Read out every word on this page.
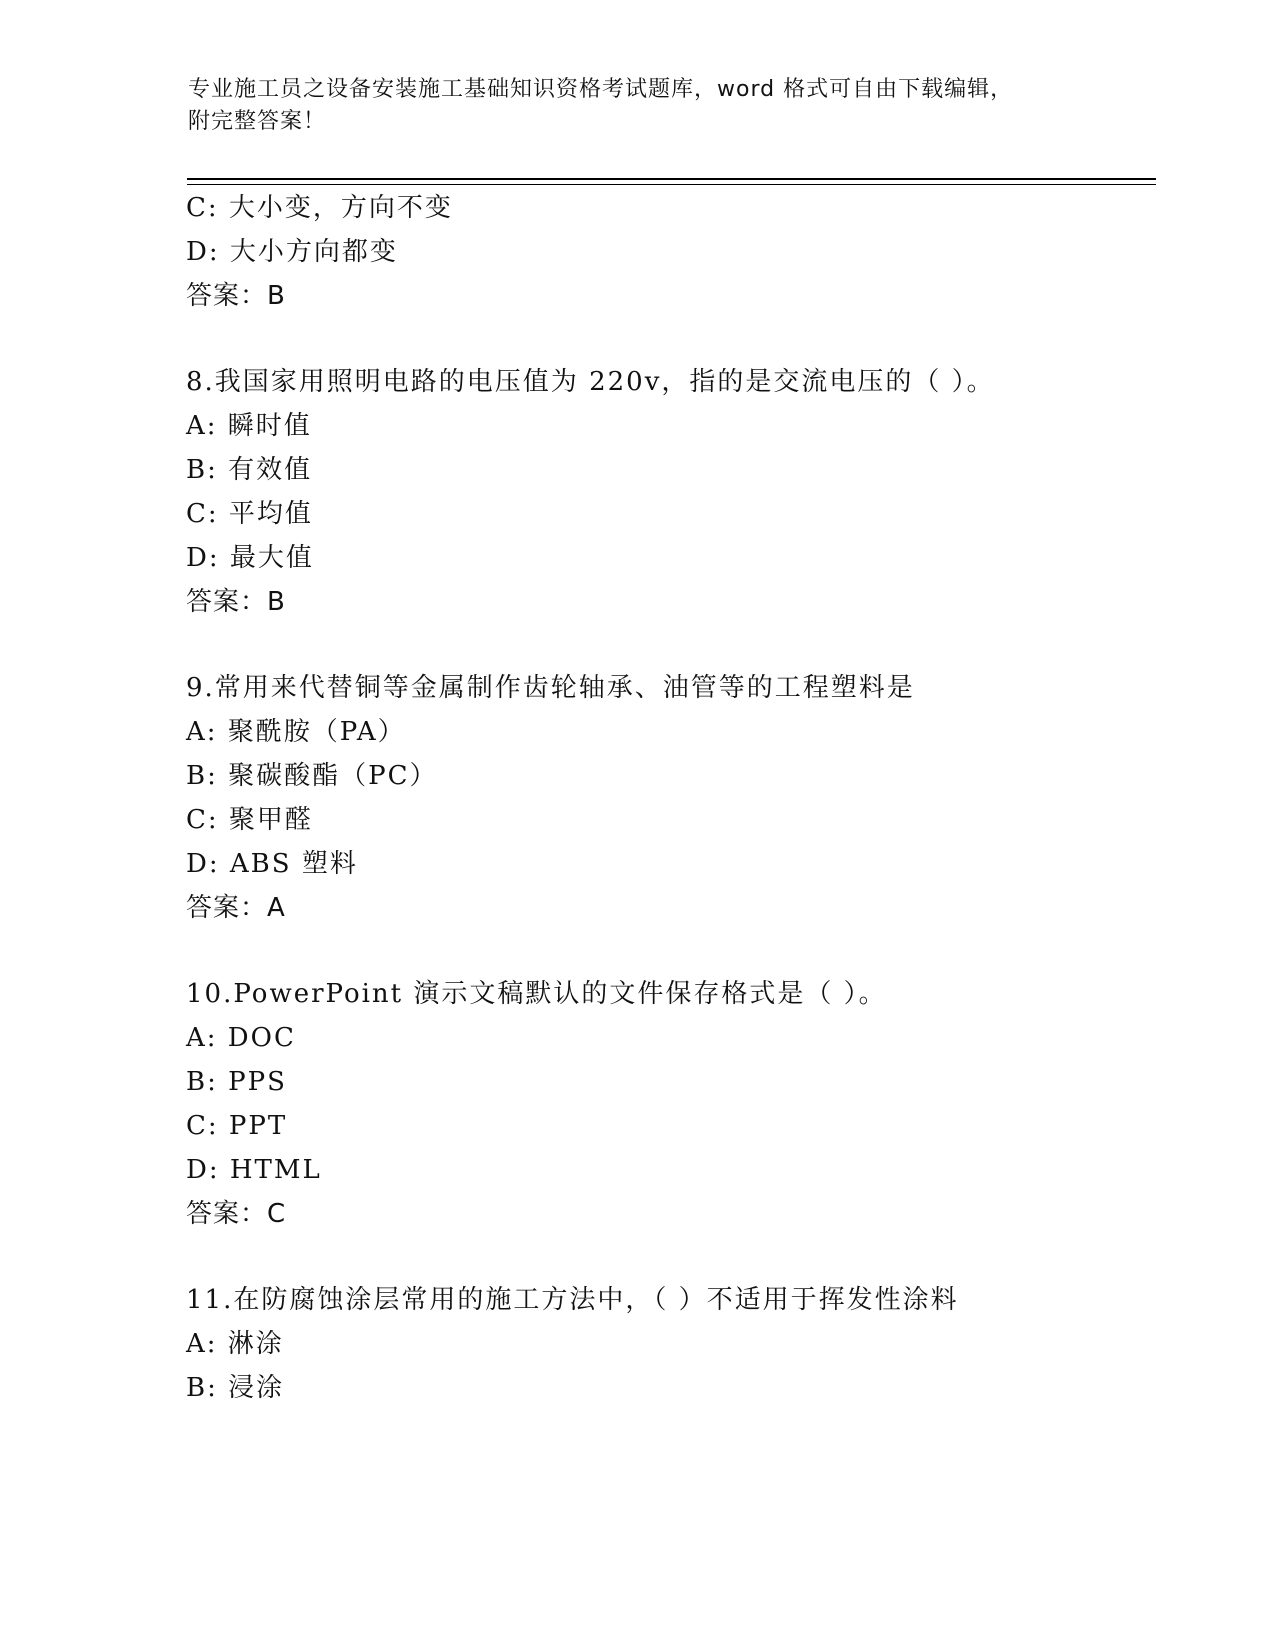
专业施工员之设备安装施工基础知识资格考试题库，word 格式可自由下载编辑，
附完整答案！
C: 大小变，方向不变
D: 大小方向都变
答案：B
8.我国家用照明电路的电压值为 220v，指的是交流电压的（ ）。
A: 瞬时值
B: 有效值
C: 平均值
D: 最大值
答案：B
9.常用来代替铜等金属制作齿轮轴承、油管等的工程塑料是
A: 聚酰胺（PA）
B: 聚碳酸酯（PC）
C: 聚甲醛
D: ABS 塑料
答案：A
10.PowerPoint 演示文稿默认的文件保存格式是（ ）。
A: DOC
B: PPS
C: PPT
D: HTML
答案：C
11.在防腐蚀涂层常用的施工方法中，（ ）不适用于挥发性涂料
A: 淋涂
B: 浸涂
